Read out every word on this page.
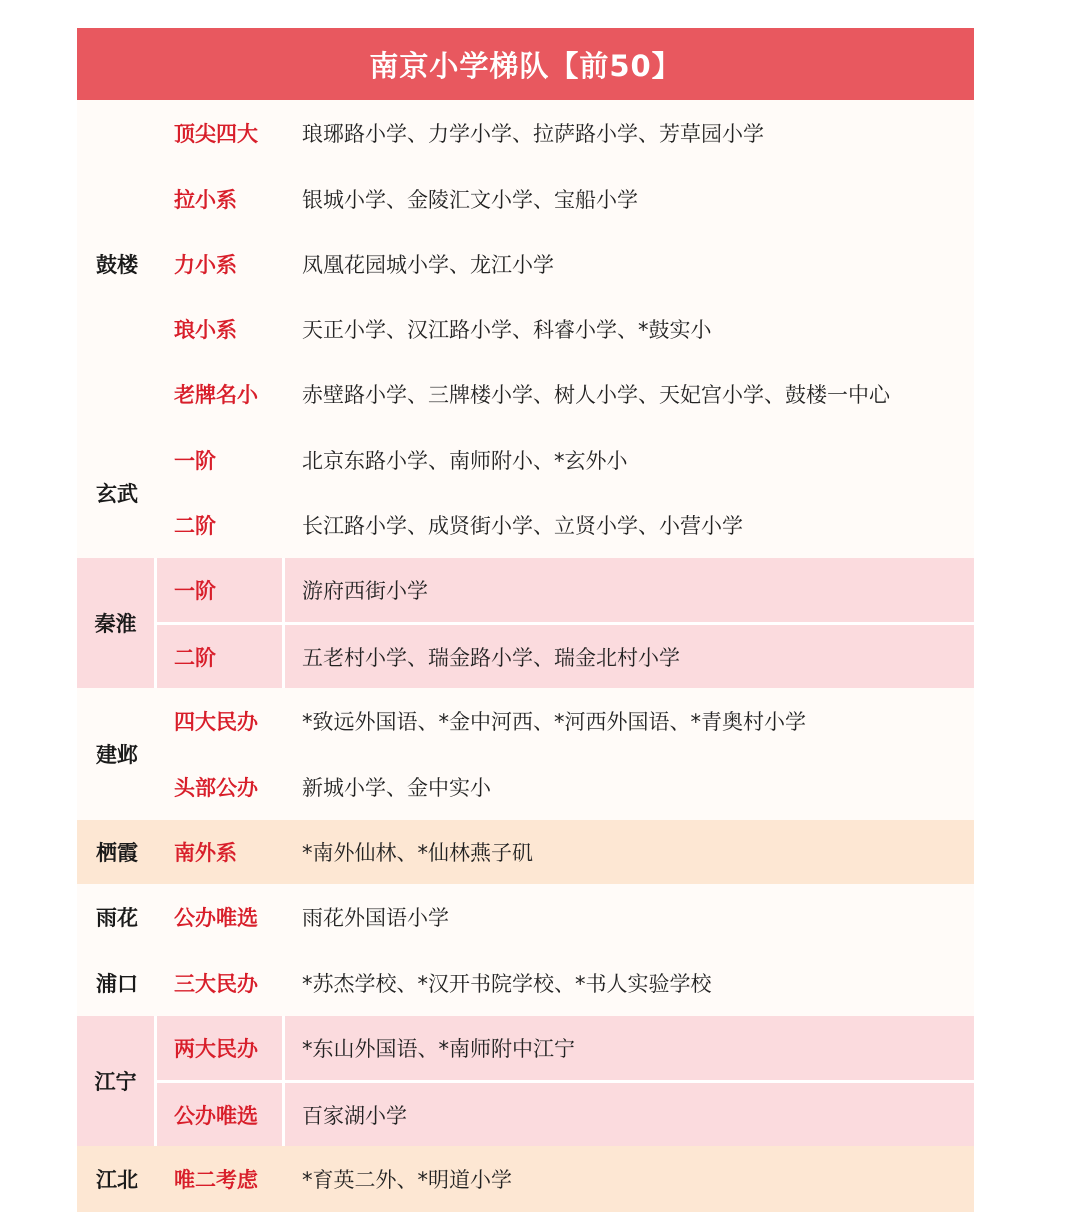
南京小学梯队【前50】
鼓楼
顶尖四大	琅琊路小学、力学小学、拉萨路小学、芳草园小学
拉小系	银城小学、金陵汇文小学、宝船小学
力小系	凤凰花园城小学、龙江小学
琅小系	天正小学、汉江路小学、科睿小学、*鼓实小
老牌名小	赤壁路小学、三牌楼小学、树人小学、天妃宫小学、鼓楼一中心
玄武
一阶	北京东路小学、南师附小、*玄外小
二阶	长江路小学、成贤街小学、立贤小学、小营小学
秦淮
一阶	游府西街小学
二阶	五老村小学、瑞金路小学、瑞金北村小学
建邺
四大民办	*致远外国语、*金中河西、*河西外国语、*青奥村小学
头部公办	新城小学、金中实小
栖霞	南外系	*南外仙林、*仙林燕子矶
雨花	公办唯选	雨花外国语小学
浦口	三大民办	*苏杰学校、*汉开书院学校、*书人实验学校
江宁
两大民办	*东山外国语、*南师附中江宁
公办唯选	百家湖小学
江北	唯二考虑	*育英二外、*明道小学
